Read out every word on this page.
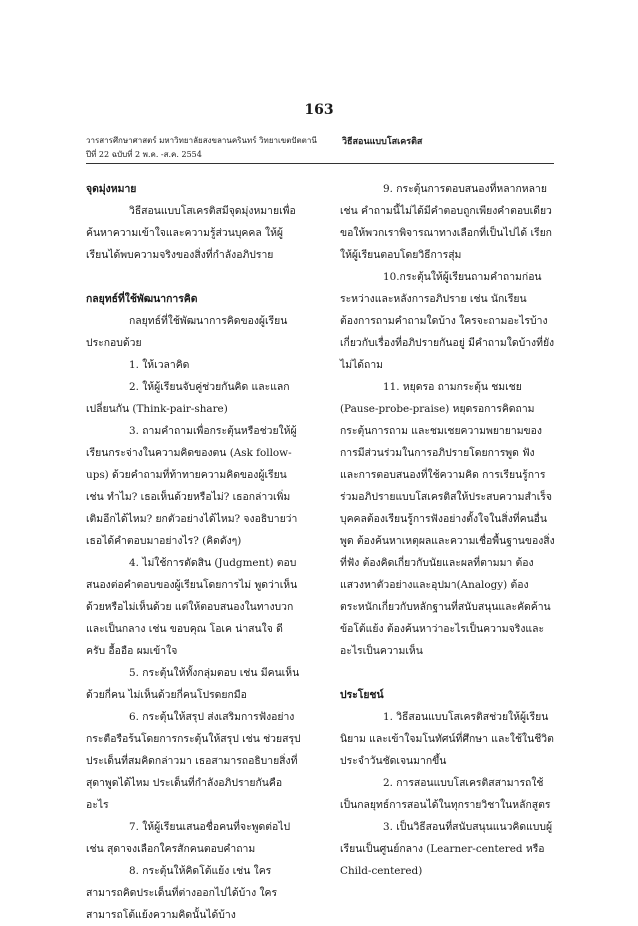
163
วารสารศึกษาศาสตร์ มหาวิทยาลัยสงขลานครินทร์ วิทยาเขตปัตตานี
ปีที่ 22 ฉบับที่ 2 พ.ค. -ส.ค. 2554
วิธีสอนแบบโสเครติส

จุดมุ่งหมาย

วิธีสอนแบบโสเครติสมีจุดมุ่งหมายเพื่อค้นหาความเข้าใจและความรู้ส่วนบุคคล ให้ผู้เรียนได้พบความจริงของสิ่งที่กำลังอภิปราย

กลยุทธ์ที่ใช้พัฒนาการคิด

กลยุทธ์ที่ใช้พัฒนาการคิดของผู้เรียนประกอบด้วย

1. ให้เวลาคิด

2. ให้ผู้เรียนจับคู่ช่วยกันคิด และแลกเปลี่ยนกัน (Think-pair-share)

3. ถามคำถามเพื่อกระตุ้นหรือช่วยให้ผู้เรียนกระจ่างในความคิดของตน (Ask follow-ups) ด้วยคำถามที่ท้าทายความคิดของผู้เรียน เช่น ทำไม? เธอเห็นด้วยหรือไม่? เธอกล่าวเพิ่มเติมอีกได้ไหม? ยกตัวอย่างได้ไหม? จงอธิบายว่าเธอได้คำตอบมาอย่างไร? (คิดดังๆ)

4. ไม่ใช้การตัดสิน (Judgment) ตอบสนองต่อคำตอบของผู้เรียนโดยการไม่ พูดว่าเห็นด้วยหรือไม่เห็นด้วย แต่ให้ตอบสนองในทางบวกและเป็นกลาง เช่น ขอบคุณ โอเค น่าสนใจ ดีครับ อื้ออือ ผมเข้าใจ

5. กระตุ้นให้ทั้งกลุ่มตอบ เช่น มีคนเห็นด้วยกี่คน ไม่เห็นด้วยกี่คนโปรดยกมือ

6. กระตุ้นให้สรุป ส่งเสริมการฟังอย่างกระตือรือร้นโดยการกระตุ้นให้สรุป เช่น ช่วยสรุปประเด็นที่สมคิดกล่าวมา เธอสามารถอธิบายสิ่งที่สุดาพูดได้ไหม ประเด็นที่กำลังอภิปรายกันคืออะไร

7. ให้ผู้เรียนเสนอชื่อคนที่จะพูดต่อไป เช่น สุดาจงเลือกใครสักคนตอบคำถาม

8. กระตุ้นให้คิดโต้แย้ง เช่น ใครสามารถคิดประเด็นที่ต่างออกไปได้บ้าง ใครสามารถโต้แย้งความคิดนั้นได้บ้าง

9. กระตุ้นการตอบสนองที่หลากหลาย เช่น คำถามนี้ไม่ได้มีคำตอบถูกเพียงคำตอบเดียวขอให้พวกเราพิจารณาทางเลือกที่เป็นไปได้ เรียกให้ผู้เรียนตอบโดยวิธีการสุ่ม

10.กระตุ้นให้ผู้เรียนถามคำถามก่อน ระหว่างและหลังการอภิปราย เช่น นักเรียนต้องการถามคำถามใดบ้าง ใครจะถามอะไรบ้าง เกี่ยวกับเรื่องที่อภิปรายกันอยู่ มีคำถามใดบ้างที่ยังไม่ได้ถาม

11. หยุดรอ ถามกระตุ้น ชมเชย (Pause-probe-praise) หยุดรอการคิดถามกระตุ้นการถาม และชมเชยความพยายามของการมีส่วนร่วมในการอภิปรายโดยการพูด ฟัง และการตอบสนองที่ใช้ความคิด การเรียนรู้การร่วมอภิปรายแบบโสเครติสให้ประสบความสำเร็จ บุคคลต้องเรียนรู้การฟังอย่างตั้งใจในสิ่งที่คนอื่นพูด ต้องค้นหาเหตุผลและความเชื่อพื้นฐานของสิ่งที่ฟัง ต้องคิดเกี่ยวกับนัยและผลที่ตามมา ต้องแสวงหาตัวอย่างและอุปมา(Analogy) ต้องตระหนักเกี่ยวกับหลักฐานที่สนับสนุนและคัดค้านข้อโต้แย้ง ต้องค้นหาว่าอะไรเป็นความจริงและอะไรเป็นความเห็น

ประโยชน์

1. วิธีสอนแบบโสเครติสช่วยให้ผู้เรียนนิยาม และเข้าใจมโนทัศน์ที่ศึกษา และใช้ในชีวิตประจำวันชัดเจนมากขึ้น

2. การสอนแบบโสเครติสสามารถใช้เป็นกลยุทธ์การสอนได้ในทุกรายวิชาในหลักสูตร

3. เป็นวิธีสอนที่สนับสนุนแนวคิดแบบผู้เรียนเป็นศูนย์กลาง (Learner-centered หรือ Child-centered)
